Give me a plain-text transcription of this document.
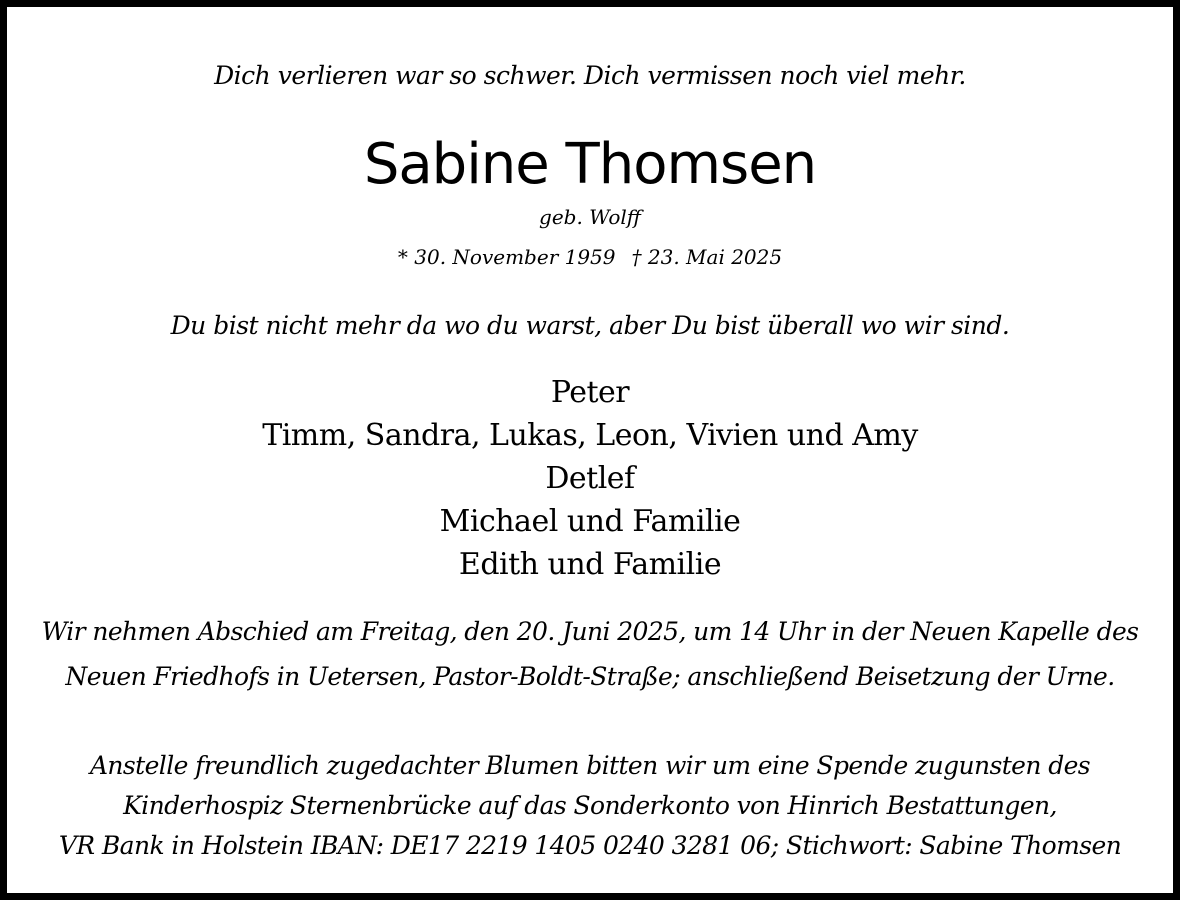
Dich verlieren war so schwer. Dich vermissen noch viel mehr.

Sabine Thomsen

geb. Wolff

* 30. November 1959 † 23. Mai 2025

Du bist nicht mehr da wo du warst, aber Du bist überall wo wir sind.

Peter
Timm, Sandra, Lukas, Leon, Vivien und Amy
Detlef
Michael und Familie
Edith und Familie

Wir nehmen Abschied am Freitag, den 20. Juni 2025, um 14 Uhr in der Neuen Kapelle des

Neuen Friedhofs in Uetersen, Pastor-Boldt-Straße; anschließend Beisetzung der Urne.

Anstelle freundlich zugedachter Blumen bitten wir um eine Spende zugunsten des

Kinderhospiz Sternenbrücke auf das Sonderkonto von Hinrich Bestattungen,

VR Bank in Holstein IBAN: DE17 2219 1405 0240 3281 06; Stichwort: Sabine Thomsen
